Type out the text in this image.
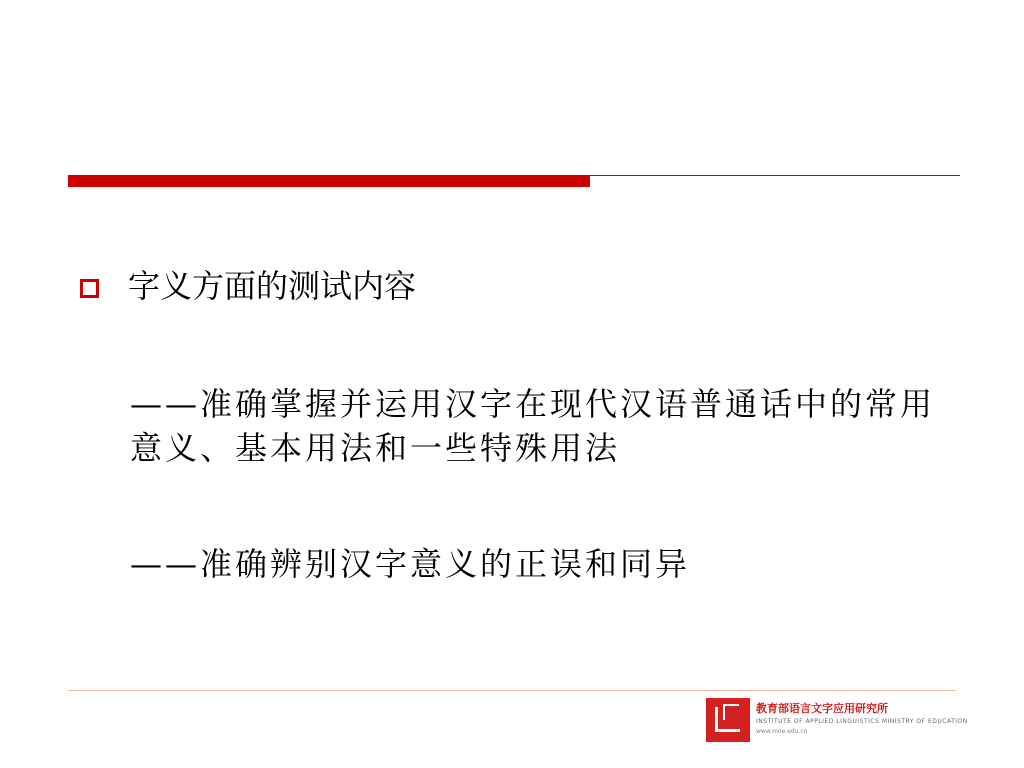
字义方面的测试内容
——准确掌握并运用汉字在现代汉语普通话中的常用意义、基本用法和一些特殊用法
——准确辨别汉字意义的正误和同异
教育部语言文字应用研究所
INSTITUTE OF APPLIED LINGUISTICS MINISTRY OF EDUCATION
www.moe.edu.cn
